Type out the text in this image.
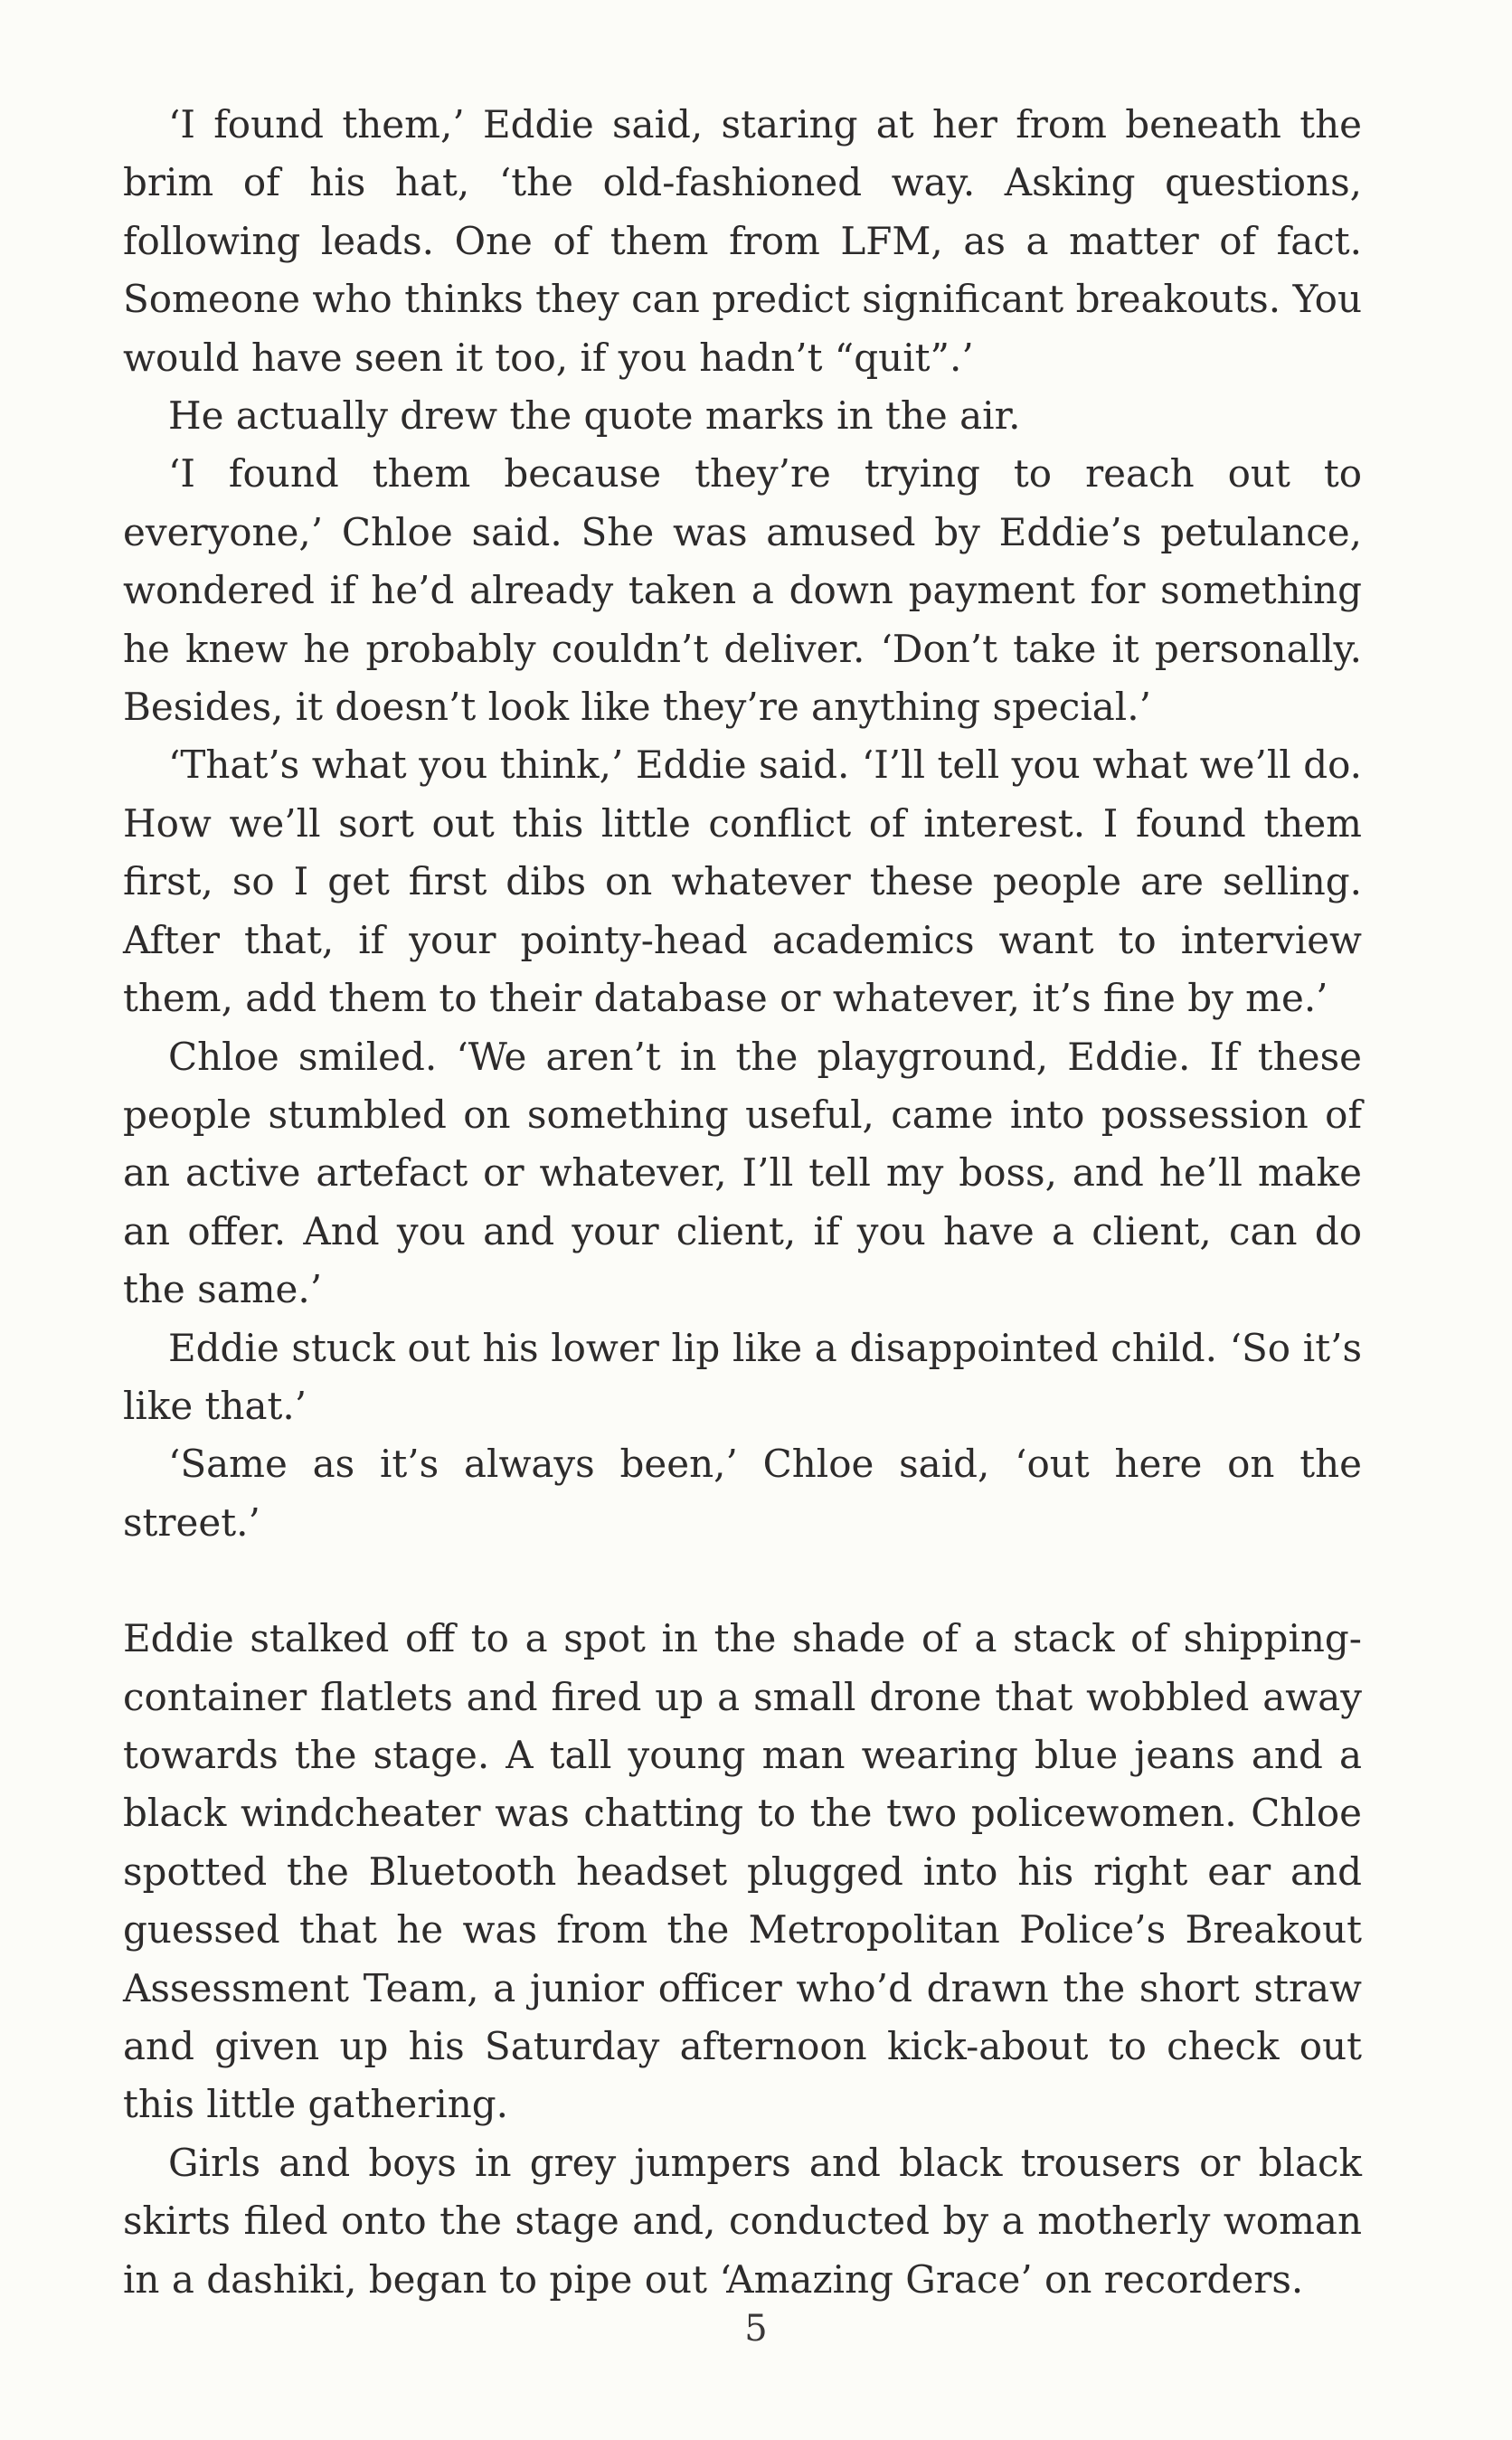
‘I found them,’ Eddie said, staring at her from beneath the brim of his hat, ‘the old-fashioned way. Asking questions, following leads. One of them from LFM, as a matter of fact. Someone who thinks they can predict significant breakouts. You would have seen it too, if you hadn’t “quit”.’

He actually drew the quote marks in the air.

‘I found them because they’re trying to reach out to everyone,’ Chloe said. She was amused by Eddie’s petulance, wondered if he’d already taken a down payment for something he knew he probably couldn’t deliver. ‘Don’t take it personally. Besides, it doesn’t look like they’re anything special.’

‘That’s what you think,’ Eddie said. ‘I’ll tell you what we’ll do. How we’ll sort out this little conflict of interest. I found them first, so I get first dibs on whatever these people are selling. After that, if your pointy-head academics want to interview them, add them to their database or whatever, it’s fine by me.’

Chloe smiled. ‘We aren’t in the playground, Eddie. If these people stumbled on something useful, came into possession of an active artefact or whatever, I’ll tell my boss, and he’ll make an offer. And you and your client, if you have a client, can do the same.’

Eddie stuck out his lower lip like a disappointed child. ‘So it’s like that.’

‘Same as it’s always been,’ Chloe said, ‘out here on the street.’

Eddie stalked off to a spot in the shade of a stack of shipping-container flatlets and fired up a small drone that wobbled away towards the stage. A tall young man wearing blue jeans and a black windcheater was chatting to the two policewomen. Chloe spotted the Bluetooth headset plugged into his right ear and guessed that he was from the Metropolitan Police’s Breakout Assessment Team, a junior officer who’d drawn the short straw and given up his Saturday afternoon kick-about to check out this little gathering.

Girls and boys in grey jumpers and black trousers or black skirts filed onto the stage and, conducted by a motherly woman in a dashiki, began to pipe out ‘Amazing Grace’ on recorders.

5
